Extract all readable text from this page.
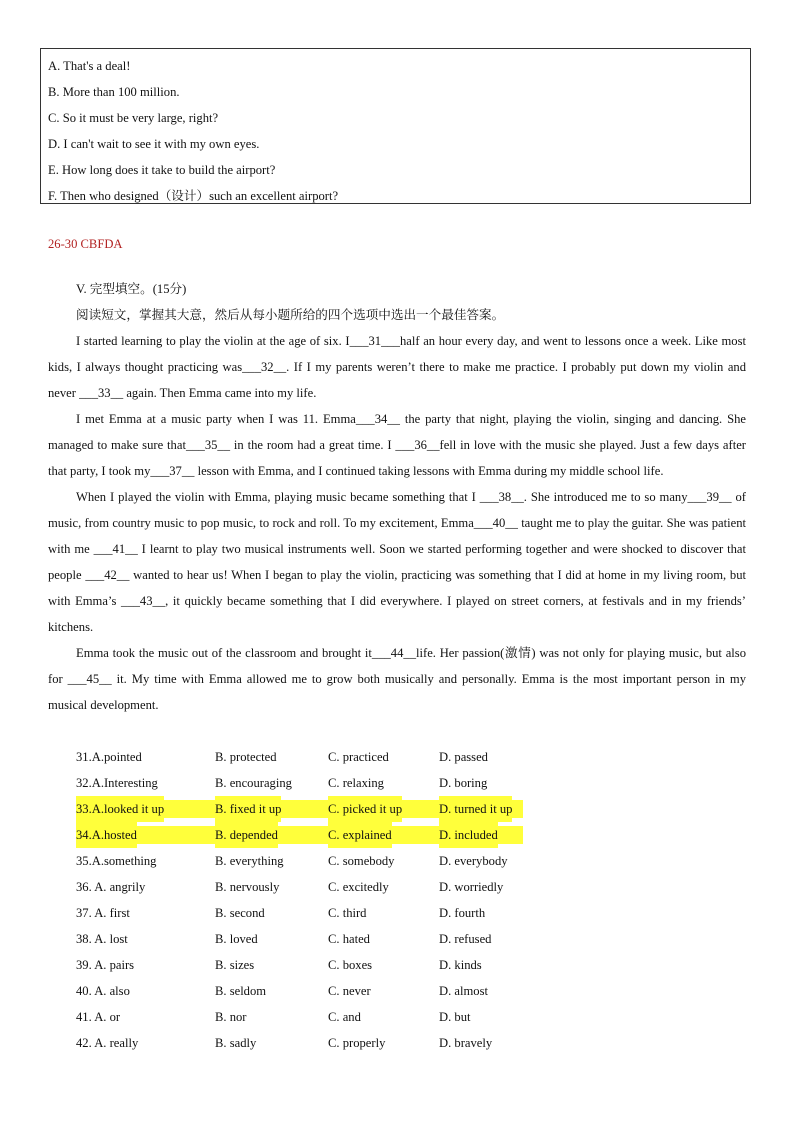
A. That's a deal!
B. More than 100 million.
C. So it must be very large, right?
D. I can't wait to see it with my own eyes.
E. How long does it take to build the airport?
F. Then who designed（设计）such an excellent airport?
26-30 CBFDA
V. 完型填空。(15分)
阅读短文，掌握其大意，然后从每小题所给的四个选项中选出一个最佳答案。

I started learning to play the violin at the age of six. I___31___half an hour every day, and went to lessons once a week. Like most kids, I always thought practicing was___32__. If I my parents weren’t there to make me practice. I probably put down my violin and never ___33__ again. Then Emma came into my life.

I met Emma at a music party when I was 11. Emma___34__ the party that night, playing the violin, singing and dancing. She managed to make sure that___35__ in the room had a great time. I ___36__fell in love with the music she played. Just a few days after that party, I took my___37__ lesson with Emma, and I continued taking lessons with Emma during my middle school life.

When I played the violin with Emma, playing music became something that I ___38__. She introduced me to so many___39__ of music, from country music to pop music, to rock and roll. To my excitement, Emma___40__ taught me to play the guitar. She was patient with me ___41__ I learnt to play two musical instruments well. Soon we started performing together and were shocked to discover that people ___42__ wanted to hear us! When I began to play the violin, practicing was something that I did at home in my living room, but with Emma’s ___43__, it quickly became something that I did everywhere. I played on street corners, at festivals and in my friends’ kitchens.

Emma took the music out of the classroom and brought it___44__life. Her passion(激情) was not only for playing music, but also for ___45__ it. My time with Emma allowed me to grow both musically and personally. Emma is the most important person in my musical development.

31.A.pointed	B. protected	C. practiced	D. passed
32.A.Interesting	B. encouraging	C. relaxing	D. boring
33.A.looked it up	B. fixed it up	C. picked it up	D. turned it up
34.A.hosted	B. depended	C. explained	D. included
35.A.something	B. everything	C. somebody	D. everybody
36. A. angrily	B. nervously	C. excitedly	D. worriedly
37. A. first	B. second	C. third	D. fourth
38. A. lost	B. loved	C. hated	D. refused
39. A. pairs	B. sizes	C. boxes	D. kinds
40. A. also	B. seldom	C. never	D. almost
41. A. or	B. nor	C. and	D. but
42. A. really	B. sadly	C. properly	D. bravely
